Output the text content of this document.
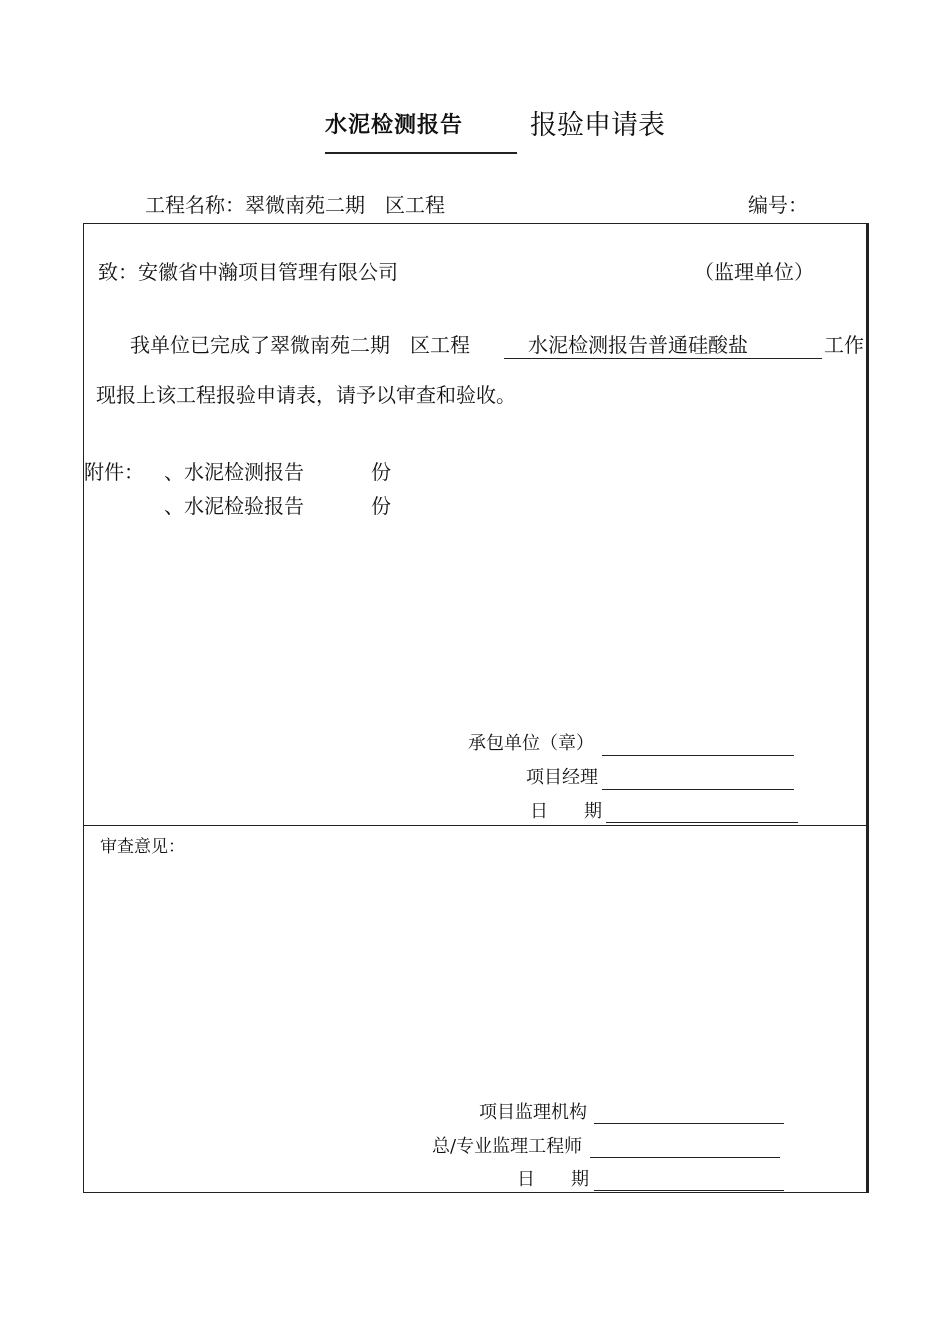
水泥检测报告	报验申请表
工程名称：翠微南苑二期　区工程	编号：
致：安徽省中瀚项目管理有限公司	（监理单位）
我单位已完成了翠微南苑二期　区工程	水泥检测报告普通硅酸盐	工作
现报上该工程报验申请表，请予以审查和验收。
附件： 、水泥检测报告	份
、水泥检验报告	份
承包单位（章）
项目经理
日　　期
审查意见：
项目监理机构
总/专业监理工程师
日　　期
